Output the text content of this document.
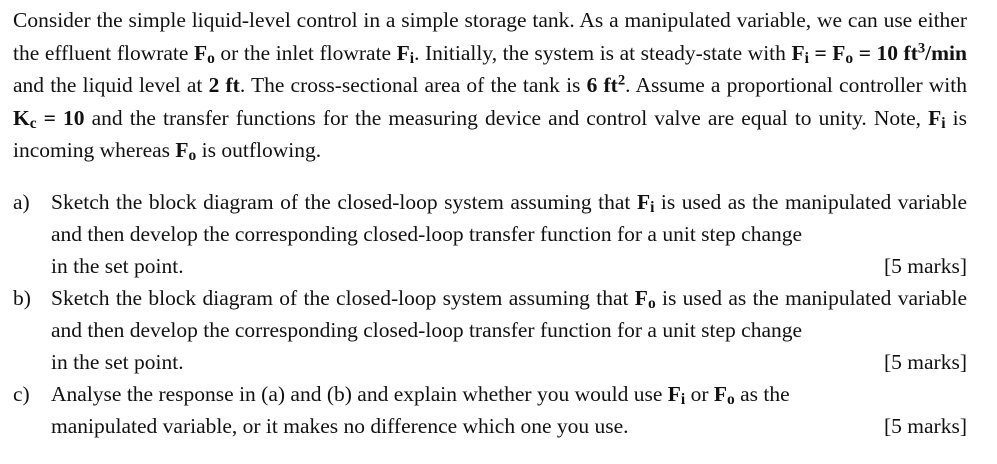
Consider the simple liquid-level control in a simple storage tank. As a manipulated variable, we can use either the effluent flowrate Fo or the inlet flowrate Fi. Initially, the system is at steady-state with Fi = Fo = 10 $ft^3/\min$ and the liquid level at 2 ft. The cross-sectional area of the tank is 6 $ft^2$. Assume a proportional controller with Kc = 10 and the transfer functions for the measuring device and control valve are equal to unity. Note, Fi is incoming whereas Fo is outflowing.

a) Sketch the block diagram of the closed-loop system assuming that Fi is used as the manipulated variable and then develop the corresponding closed-loop transfer function for a unit step change
in the set point.	[5 marks]
b) Sketch the block diagram of the closed-loop system assuming that Fo is used as the manipulated variable and then develop the corresponding closed-loop transfer function for a unit step change
in the set point.	[5 marks]
c) Analyse the response in (a) and (b) and explain whether you would use Fi or Fo as the
manipulated variable, or it makes no difference which one you use.	[5 marks]
